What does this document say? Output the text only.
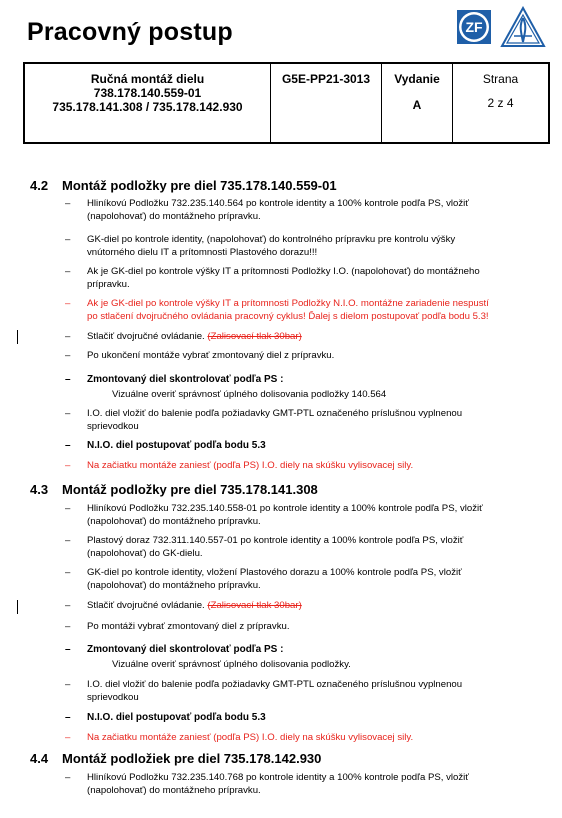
Pracovný postup	ZF
Ručná montáž dielu
738.178.140.559-01
735.178.141.308 / 735.178.142.930
G5E-PP21-3013	Vydanie
A
Strana
2 z 4
4.2 Montáž podložky pre diel 735.178.140.559-01
– Hliníkovú Podložku 732.235.140.564 po kontrole identity a 100% kontrole podľa PS, vložiť
(napolohovať) do montážneho prípravku.
– GK-diel po kontrole identity, (napolohovať) do kontrolného prípravku pre kontrolu výšky
vnútorného dielu IT a prítomnosti Plastového dorazu!!!
– Ak je GK-diel po kontrole výšky IT a prítomnosti Podložky I.O. (napolohovať) do montážneho
prípravku.
– Ak je GK-diel po kontrole výšky IT a prítomnosti Podložky N.I.O. montážne zariadenie nespustí
po stlačení dvojručného ovládania pracovný cyklus! Ďalej s dielom postupovať podľa bodu 5.3!
– Stlačiť dvojručné ovládanie. (Zalisovací tlak 30bar)
– Po ukončení montáže vybrať zmontovaný diel z prípravku.
– Zmontovaný diel skontrolovať podľa PS :
Vizuálne overiť správnosť úplného dolisovania podložky 140.564
– I.O. diel vložiť do balenie podľa požiadavky GMT-PTL označeného príslušnou vyplnenou
sprievodkou
– N.I.O. diel postupovať podľa bodu 5.3
– Na začiatku montáže zaniesť (podľa PS) I.O. diely na skúšku vylisovacej sily.
4.3 Montáž podložky pre diel 735.178.141.308
– Hliníkovú Podložku 732.235.140.558-01 po kontrole identity a 100% kontrole podľa PS, vložiť
(napolohovať) do montážneho prípravku.
– Plastový doraz 732.311.140.557-01 po kontrole identity a 100% kontrole podľa PS, vložiť
(napolohovať) do GK-dielu.
– GK-diel po kontrole identity, vložení Plastového dorazu a 100% kontrole podľa PS, vložiť
(napolohovať) do montážneho prípravku.
– Stlačiť dvojručné ovládanie. (Zalisovací tlak 30bar)
– Po montáži vybrať zmontovaný diel z prípravku.
– Zmontovaný diel skontrolovať podľa PS :
Vizuálne overiť správnosť úplného dolisovania podložky.
– I.O. diel vložiť do balenie podľa požiadavky GMT-PTL označeného príslušnou vyplnenou
sprievodkou
– N.I.O. diel postupovať podľa bodu 5.3
– Na začiatku montáže zaniesť (podľa PS) I.O. diely na skúšku vylisovacej sily.
4.4 Montáž podložiek pre diel 735.178.142.930
– Hliníkovú Podložku 732.235.140.768 po kontrole identity a 100% kontrole podľa PS, vložiť
(napolohovať) do montážneho prípravku.
